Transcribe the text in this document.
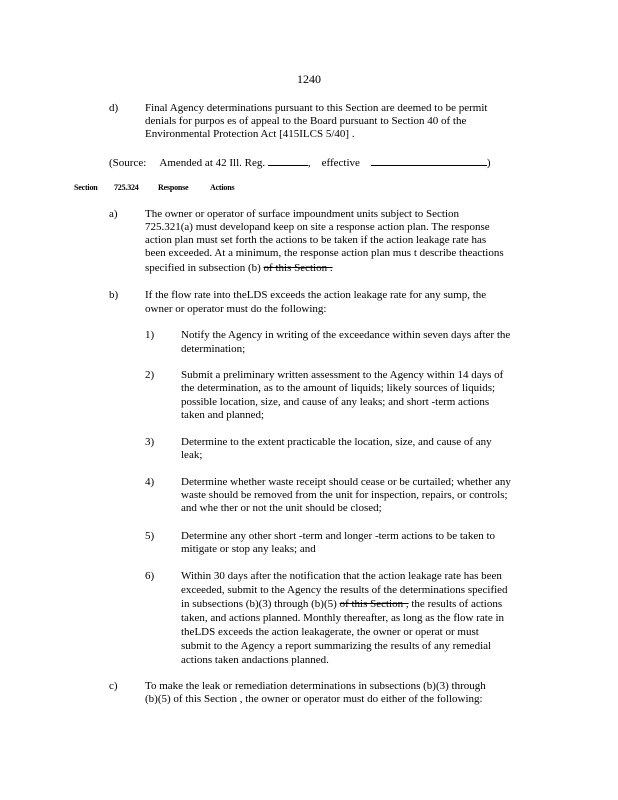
1240
d) Final Agency determinations pursuant to this Section are deemed to be permit
denials for purpos es of appeal to the Board pursuant to Section 40 of the
Environmental Protection Act [415ILCS 5/40] .
(Source: Amended at 42 Ill. Reg.	, effective	)
Section 725.324 Response	Actions
a) The owner or operator of surface impoundment units subject to Section
725.321(a) must developand keep on site a response action plan. The response
action plan must set forth the actions to be taken if the action leakage rate has
been exceeded. At a minimum, the response action plan mus t describe theactions
specified in subsection (b) of this Section .
b) If the flow rate into theLDS exceeds the action leakage rate for any sump, the
owner or operator must do the following:
1) Notify the Agency in writing of the exceedance within seven days after the
determination;
2) Submit a preliminary written assessment to the Agency within 14 days of
the determination, as to the amount of liquids; likely sources of liquids;
possible location, size, and cause of any leaks; and short -term actions
taken and planned;
3) Determine to the extent practicable the location, size, and cause of any
leak;
4) Determine whether waste receipt should cease or be curtailed; whether any
waste should be removed from the unit for inspection, repairs, or controls;
and whe ther or not the unit should be closed;
5) Determine any other short -term and longer -term actions to be taken to
mitigate or stop any leaks; and
6) Within 30 days after the notification that the action leakage rate has been
exceeded, submit to the Agency the results of the determinations specified
in subsections (b)(3) through (b)(5) of this Section , the results of actions
taken, and actions planned. Monthly thereafter, as long as the flow rate in
theLDS exceeds the action leakagerate, the owner or operat or must
submit to the Agency a report summarizing the results of any remedial
actions taken andactions planned.
c) To make the leak or remediation determinations in subsections (b)(3) through
(b)(5) of this Section , the owner or operator must do either of the following:
